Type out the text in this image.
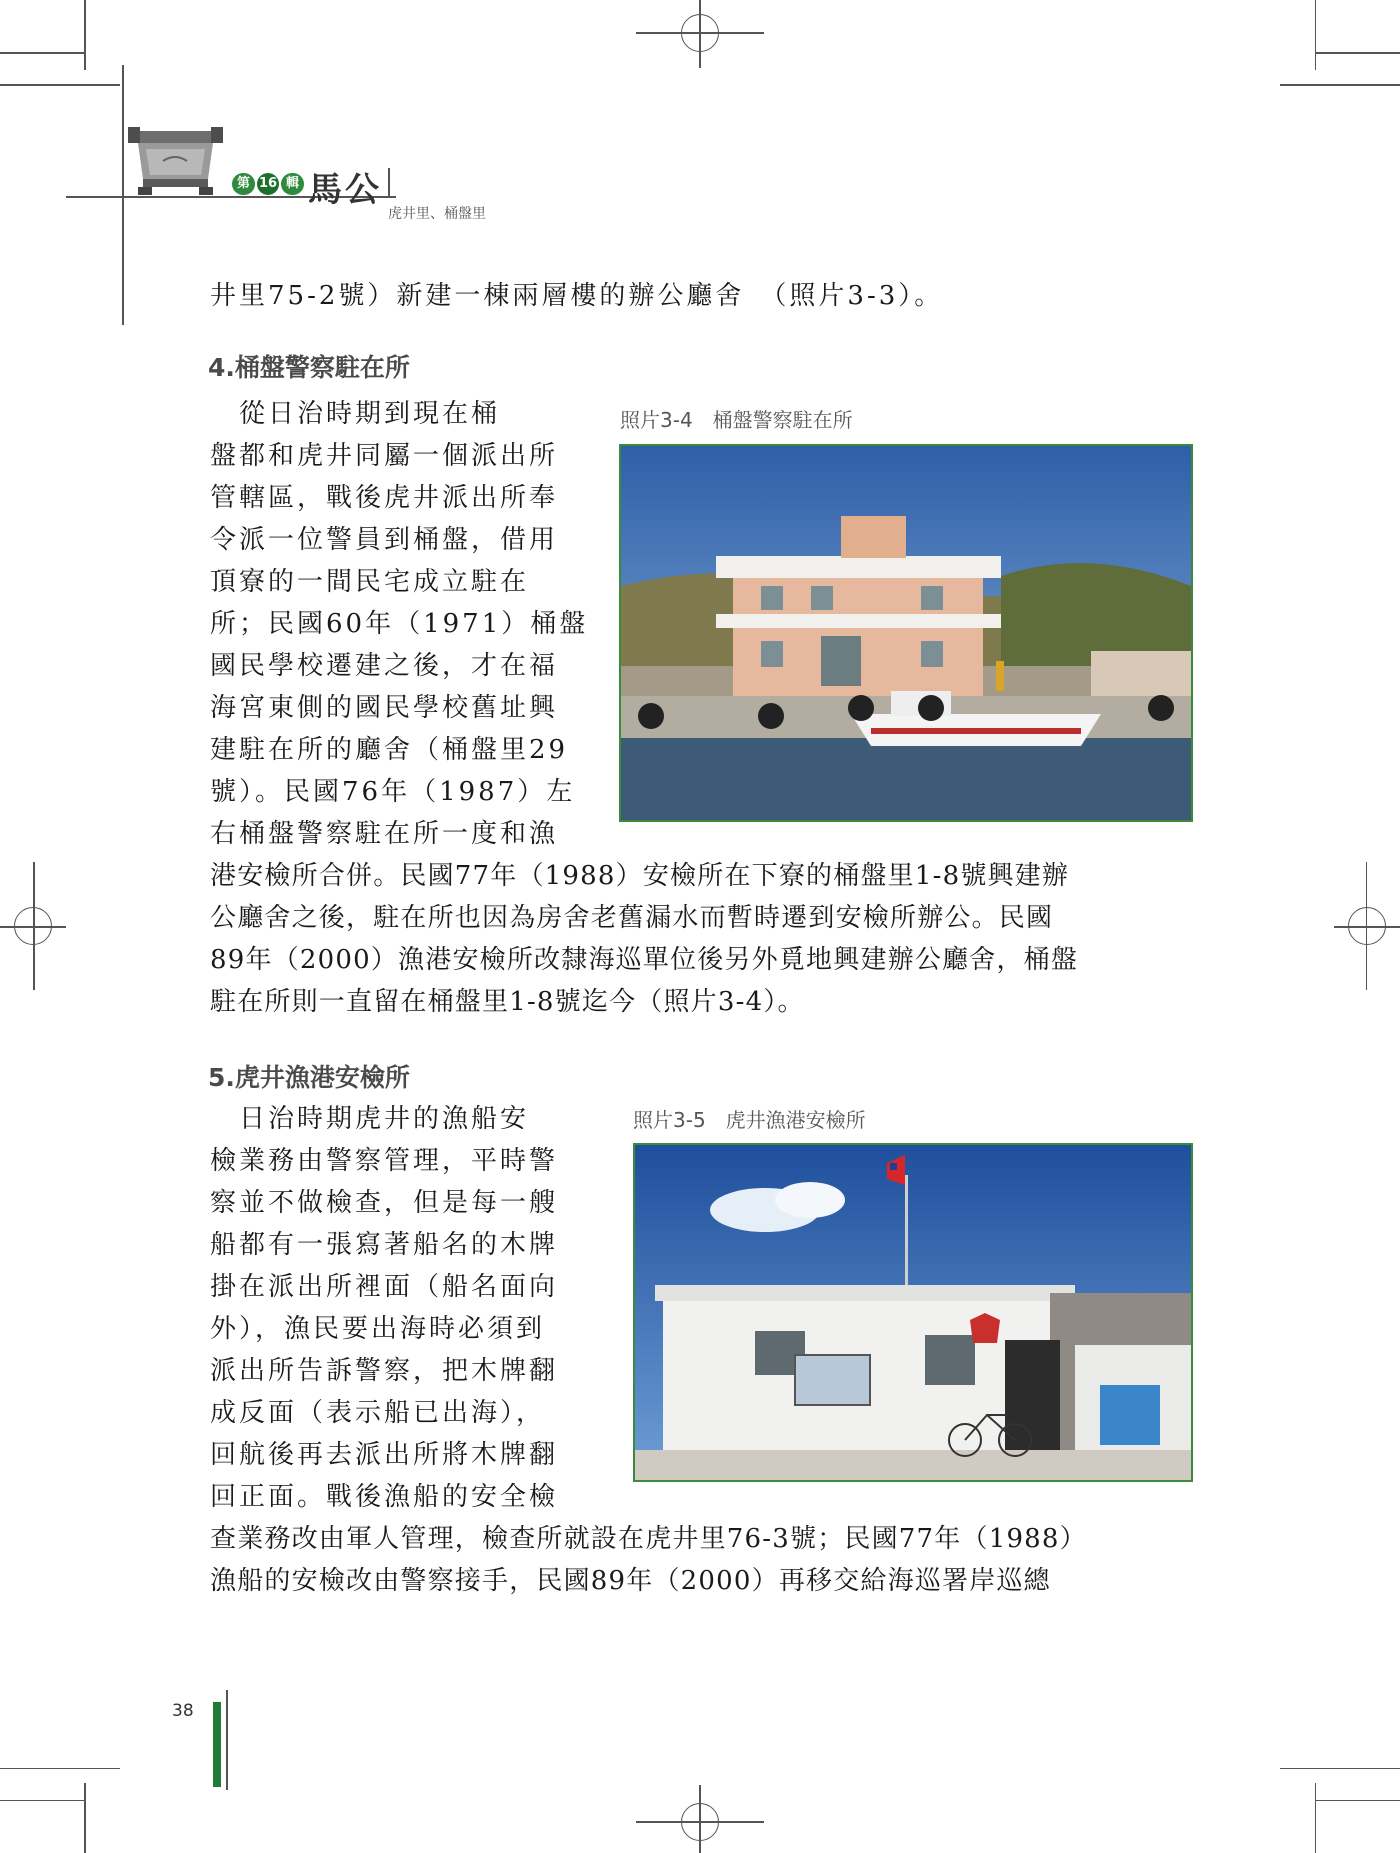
第 16 輯 馬公
虎井里、桶盤里
井里75-2號）新建一棟兩層樓的辦公廳舍　（照片3-3）。
4.桶盤警察駐在所
　從日治時期到現在桶
盤都和虎井同屬一個派出所
管轄區，戰後虎井派出所奉
令派一位警員到桶盤，借用
頂寮的一間民宅成立駐在
所；民國60年（1971）桶盤
國民學校遷建之後，才在福
海宮東側的國民學校舊址興
建駐在所的廳舍（桶盤里29
號）。民國76年（1987）左
右桶盤警察駐在所一度和漁
港安檢所合併。民國77年（1988）安檢所在下寮的桶盤里1-8號興建辦
公廳舍之後，駐在所也因為房舍老舊漏水而暫時遷到安檢所辦公。民國
89年（2000）漁港安檢所改隸海巡單位後另外覓地興建辦公廳舍，桶盤
駐在所則一直留在桶盤里1-8號迄今（照片3-4）。
照片3-4　桶盤警察駐在所
5.虎井漁港安檢所
　日治時期虎井的漁船安
檢業務由警察管理，平時警
察並不做檢查，但是每一艘
船都有一張寫著船名的木牌
掛在派出所裡面（船名面向
外），漁民要出海時必須到
派出所告訴警察，把木牌翻
成反面（表示船已出海），
回航後再去派出所將木牌翻
回正面。戰後漁船的安全檢
查業務改由軍人管理，檢查所就設在虎井里76-3號；民國77年（1988）
漁船的安檢改由警察接手，民國89年（2000）再移交給海巡署岸巡總
照片3-5　虎井漁港安檢所
38
